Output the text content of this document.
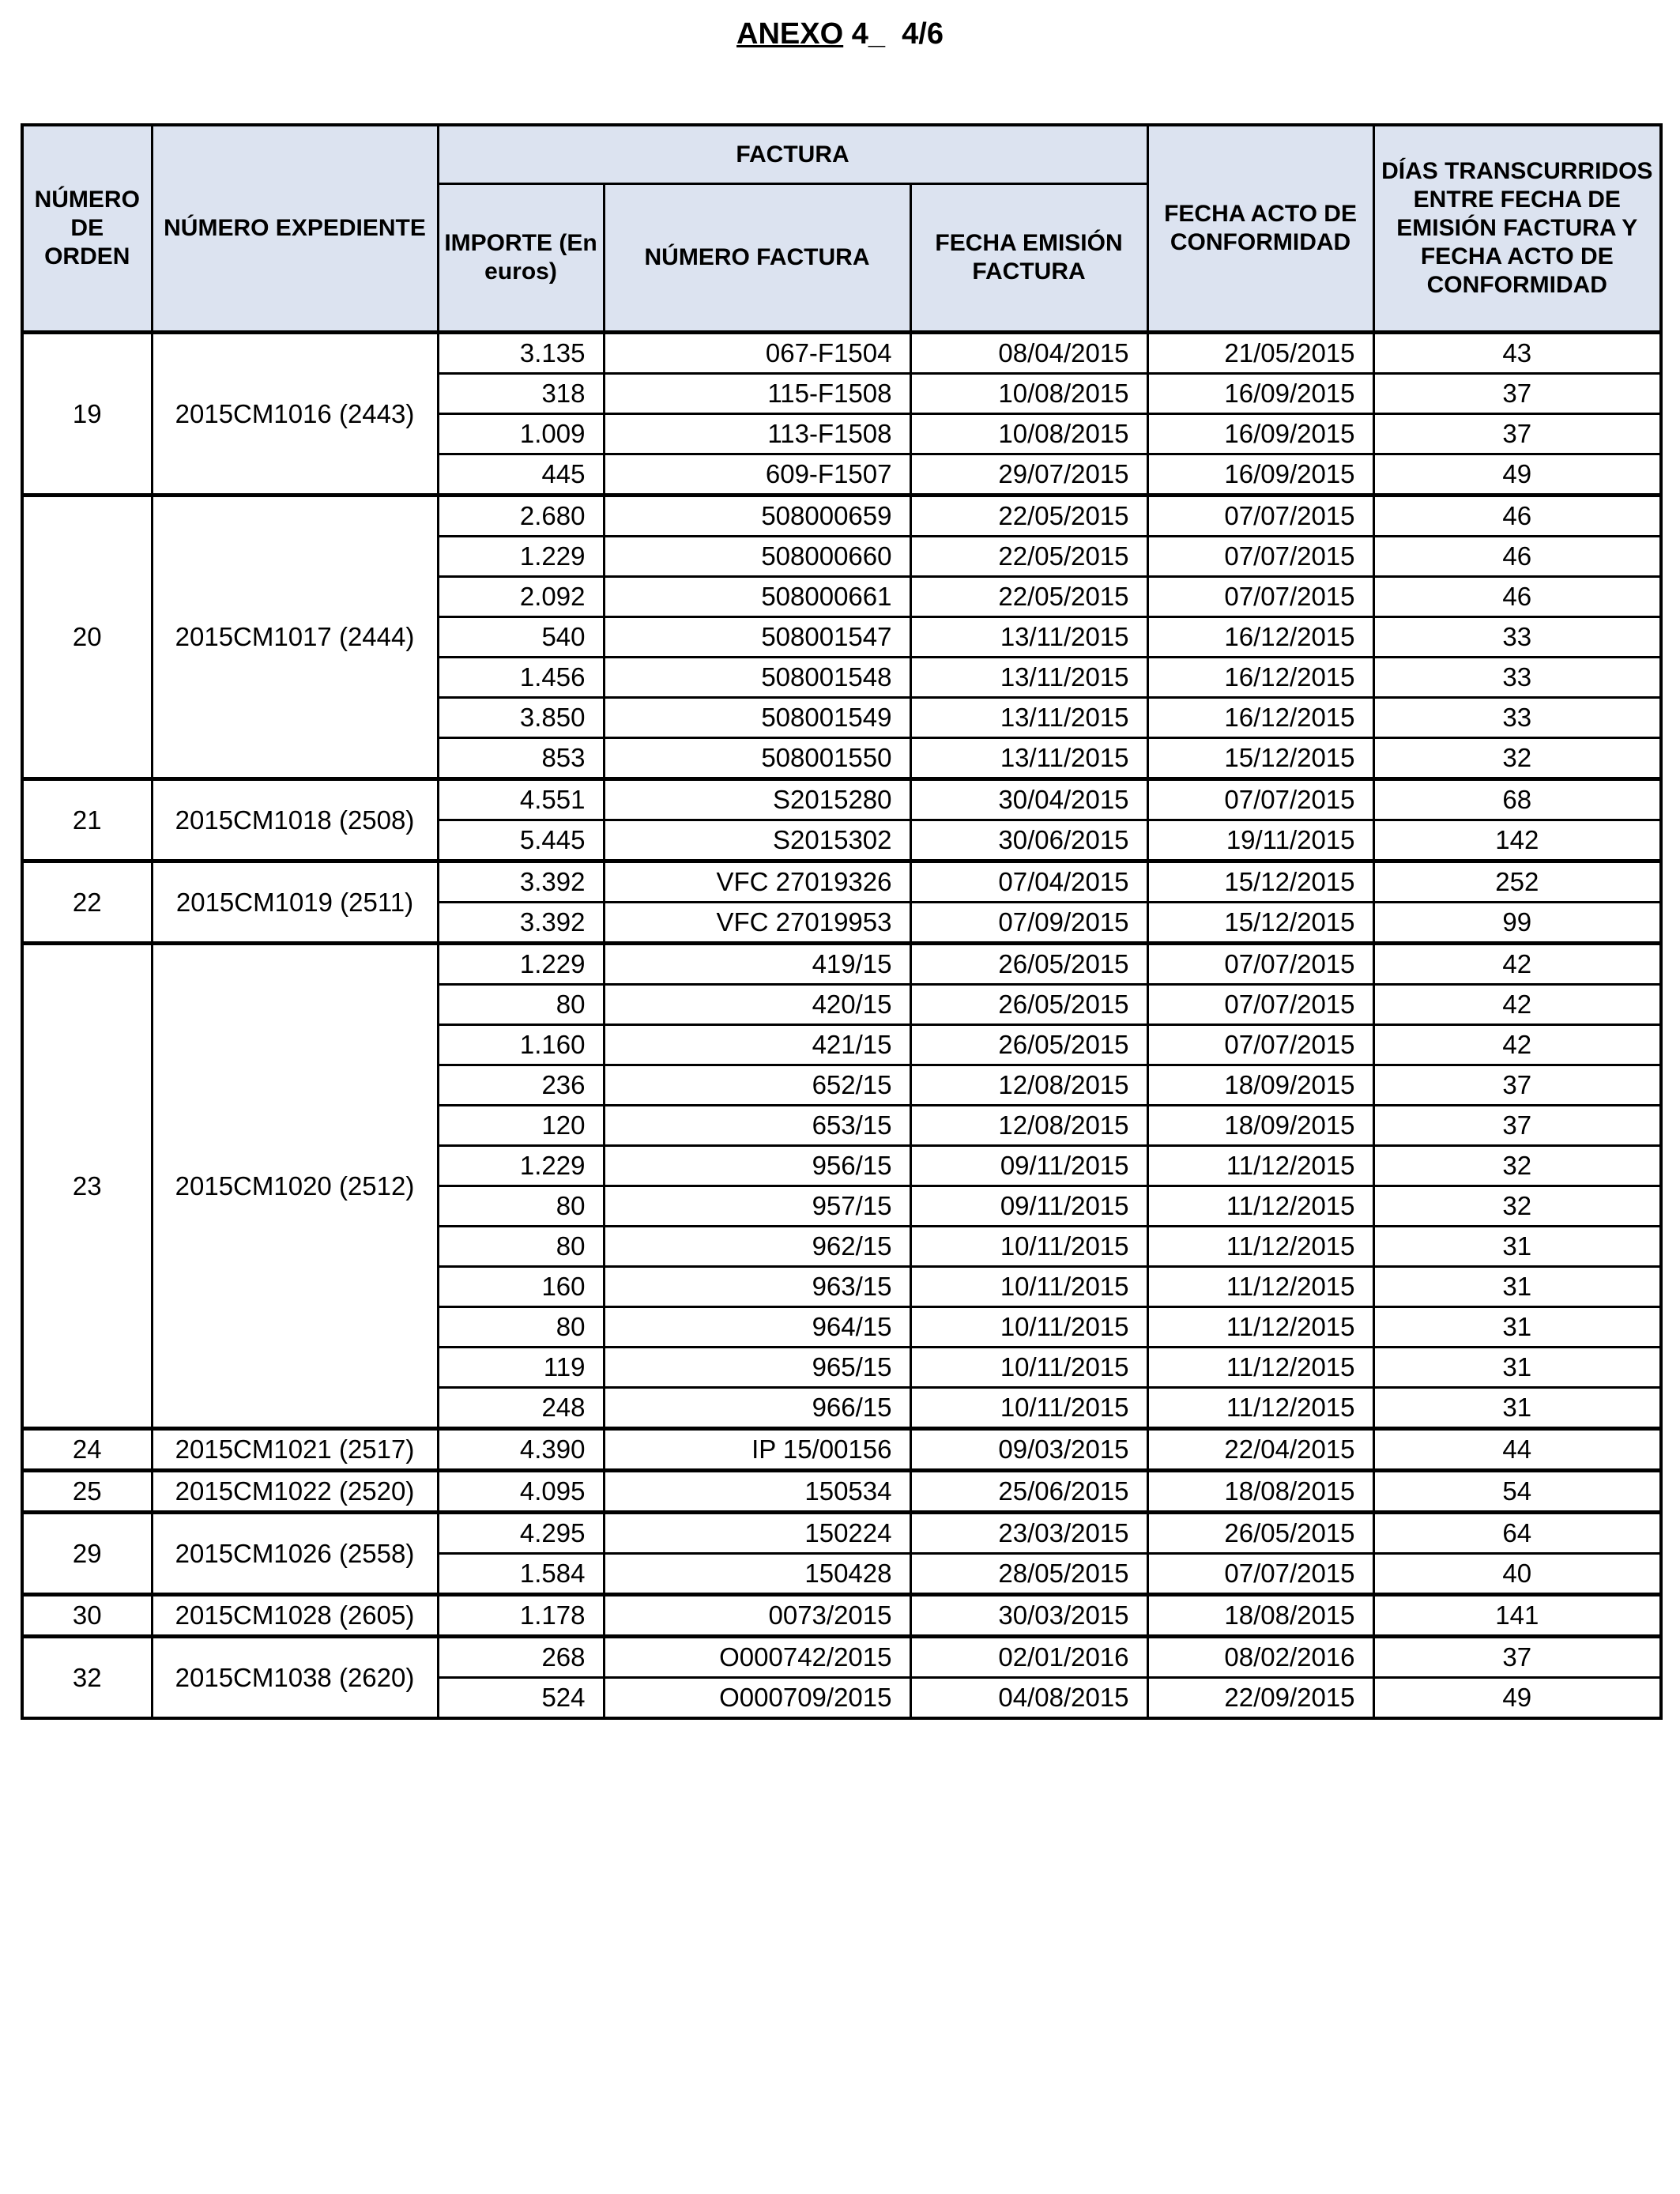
ANEXO 4_  4/6
NÚMERO DE ORDEN	NÚMERO EXPEDIENTE	FACTURA			FECHA ACTO DE CONFORMIDAD	DÍAS TRANSCURRIDOS ENTRE FECHA DE EMISIÓN FACTURA Y FECHA ACTO DE CONFORMIDAD
		IMPORTE (En euros)	NÚMERO FACTURA	FECHA EMISIÓN FACTURA		
19	2015CM1016 (2443)	3.135	067-F1504	08/04/2015	21/05/2015	43
		318	115-F1508	10/08/2015	16/09/2015	37
		1.009	113-F1508	10/08/2015	16/09/2015	37
		445	609-F1507	29/07/2015	16/09/2015	49
20	2015CM1017 (2444)	2.680	508000659	22/05/2015	07/07/2015	46
		1.229	508000660	22/05/2015	07/07/2015	46
		2.092	508000661	22/05/2015	07/07/2015	46
		540	508001547	13/11/2015	16/12/2015	33
		1.456	508001548	13/11/2015	16/12/2015	33
		3.850	508001549	13/11/2015	16/12/2015	33
		853	508001550	13/11/2015	15/12/2015	32
21	2015CM1018 (2508)	4.551	S2015280	30/04/2015	07/07/2015	68
		5.445	S2015302	30/06/2015	19/11/2015	142
22	2015CM1019 (2511)	3.392	VFC 27019326	07/04/2015	15/12/2015	252
		3.392	VFC 27019953	07/09/2015	15/12/2015	99
23	2015CM1020 (2512)	1.229	419/15	26/05/2015	07/07/2015	42
		80	420/15	26/05/2015	07/07/2015	42
		1.160	421/15	26/05/2015	07/07/2015	42
		236	652/15	12/08/2015	18/09/2015	37
		120	653/15	12/08/2015	18/09/2015	37
		1.229	956/15	09/11/2015	11/12/2015	32
		80	957/15	09/11/2015	11/12/2015	32
		80	962/15	10/11/2015	11/12/2015	31
		160	963/15	10/11/2015	11/12/2015	31
		80	964/15	10/11/2015	11/12/2015	31
		119	965/15	10/11/2015	11/12/2015	31
		248	966/15	10/11/2015	11/12/2015	31
24	2015CM1021 (2517)	4.390	IP 15/00156	09/03/2015	22/04/2015	44
25	2015CM1022 (2520)	4.095	150534	25/06/2015	18/08/2015	54
29	2015CM1026 (2558)	4.295	150224	23/03/2015	26/05/2015	64
		1.584	150428	28/05/2015	07/07/2015	40
30	2015CM1028 (2605)	1.178	0073/2015	30/03/2015	18/08/2015	141
32	2015CM1038 (2620)	268	O000742/2015	02/01/2016	08/02/2016	37
		524	O000709/2015	04/08/2015	22/09/2015	49
